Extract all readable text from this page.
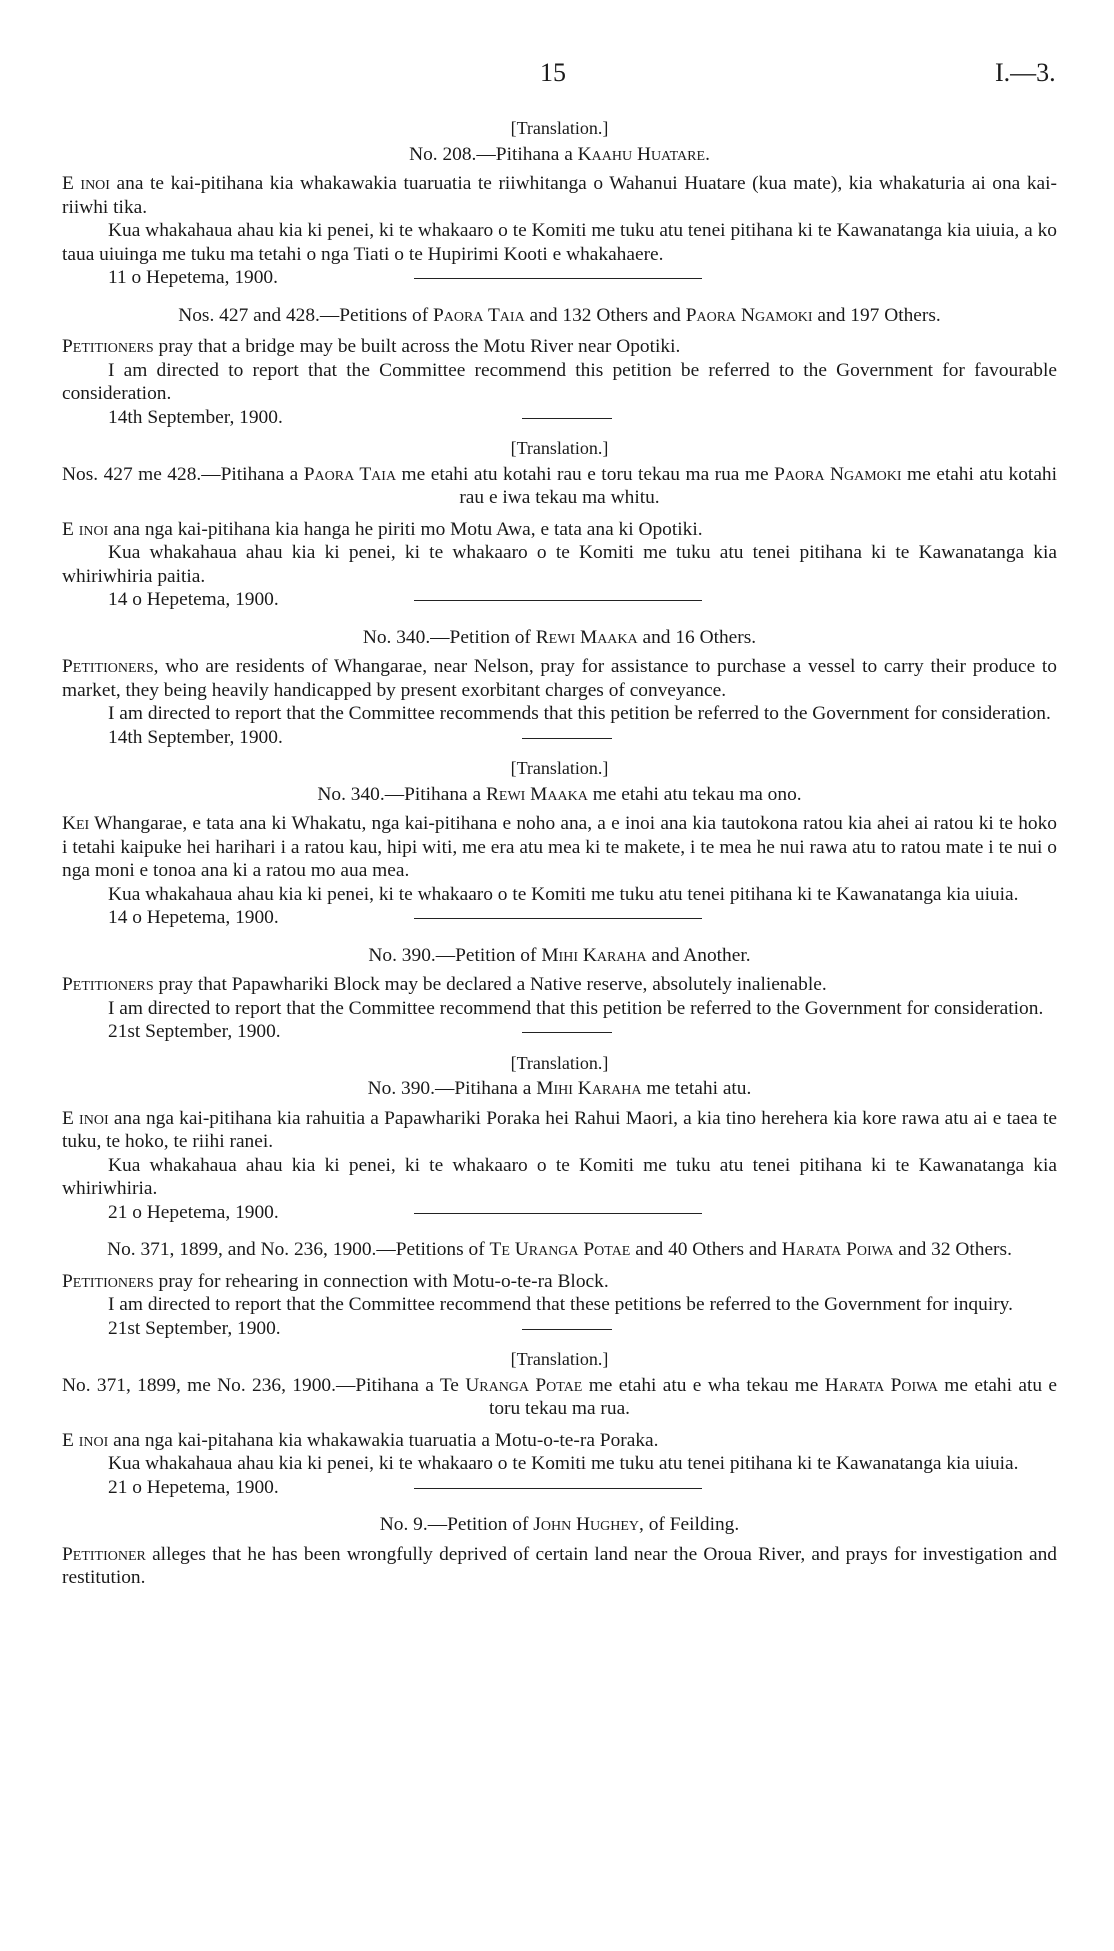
15	I.—3.
[Translation.]
No. 208.—Pitihana a Kaahu Huatare.

E inoi ana te kai-pitihana kia whakawakia tuaruatia te riiwhitanga o Wahanui Huatare (kua mate), kia whakaturia ai ona kai-riiwhi tika.

Kua whakahaua ahau kia ki penei, ki te whakaaro o te Komiti me tuku atu tenei pitihana ki te Kawanatanga kia uiuia, a ko taua uiuinga me tuku ma tetahi o nga Tiati o te Hupirimi Kooti e whakahaere.

11 o Hepetema, 1900.
Nos. 427 and 428.—Petitions of Paora Taia and 132 Others and Paora Ngamoki and 197 Others.

Petitioners pray that a bridge may be built across the Motu River near Opotiki.

I am directed to report that the Committee recommend this petition be referred to the Government for favourable consideration.

14th September, 1900.
[Translation.]
Nos. 427 me 428.—Pitihana a Paora Taia me etahi atu kotahi rau e toru tekau ma rua me Paora Ngamoki me etahi atu kotahi rau e iwa tekau ma whitu.

E inoi ana nga kai-pitihana kia hanga he piriti mo Motu Awa, e tata ana ki Opotiki.

Kua whakahaua ahau kia ki penei, ki te whakaaro o te Komiti me tuku atu tenei pitihana ki te Kawanatanga kia whiriwhiria paitia.

14 o Hepetema, 1900.
No. 340.—Petition of Rewi Maaka and 16 Others.

Petitioners, who are residents of Whangarae, near Nelson, pray for assistance to purchase a vessel to carry their produce to market, they being heavily handicapped by present exorbitant charges of conveyance.

I am directed to report that the Committee recommends that this petition be referred to the Government for consideration.

14th September, 1900.
[Translation.]
No. 340.—Pitihana a Rewi Maaka me etahi atu tekau ma ono.

Kei Whangarae, e tata ana ki Whakatu, nga kai-pitihana e noho ana, a e inoi ana kia tautokona ratou kia ahei ai ratou ki te hoko i tetahi kaipuke hei harihari i a ratou kau, hipi witi, me era atu mea ki te makete, i te mea he nui rawa atu to ratou mate i te nui o nga moni e tonoa ana ki a ratou mo aua mea.

Kua whakahaua ahau kia ki penei, ki te whakaaro o te Komiti me tuku atu tenei pitihana ki te Kawanatanga kia uiuia.

14 o Hepetema, 1900.
No. 390.—Petition of Mihi Karaha and Another.

Petitioners pray that Papawhariki Block may be declared a Native reserve, absolutely inalienable.

I am directed to report that the Committee recommend that this petition be referred to the Government for consideration.

21st September, 1900.
[Translation.]
No. 390.—Pitihana a Mihi Karaha me tetahi atu.

E inoi ana nga kai-pitihana kia rahuitia a Papawhariki Poraka hei Rahui Maori, a kia tino herehera kia kore rawa atu ai e taea te tuku, te hoko, te riihi ranei.

Kua whakahaua ahau kia ki penei, ki te whakaaro o te Komiti me tuku atu tenei pitihana ki te Kawanatanga kia whiriwhiria.

21 o Hepetema, 1900.
No. 371, 1899, and No. 236, 1900.—Petitions of Te Uranga Potae and 40 Others and Harata Poiwa and 32 Others.

Petitioners pray for rehearing in connection with Motu-o-te-ra Block.

I am directed to report that the Committee recommend that these petitions be referred to the Government for inquiry.

21st September, 1900.
[Translation.]
No. 371, 1899, me No. 236, 1900.—Pitihana a Te Uranga Potae me etahi atu e wha tekau me Harata Poiwa me etahi atu e toru tekau ma rua.

E inoi ana nga kai-pitahana kia whakawakia tuaruatia a Motu-o-te-ra Poraka.

Kua whakahaua ahau kia ki penei, ki te whakaaro o te Komiti me tuku atu tenei pitihana ki te Kawanatanga kia uiuia.

21 o Hepetema, 1900.
No. 9.—Petition of John Hughey, of Feilding.

Petitioner alleges that he has been wrongfully deprived of certain land near the Oroua River, and prays for investigation and restitution.
